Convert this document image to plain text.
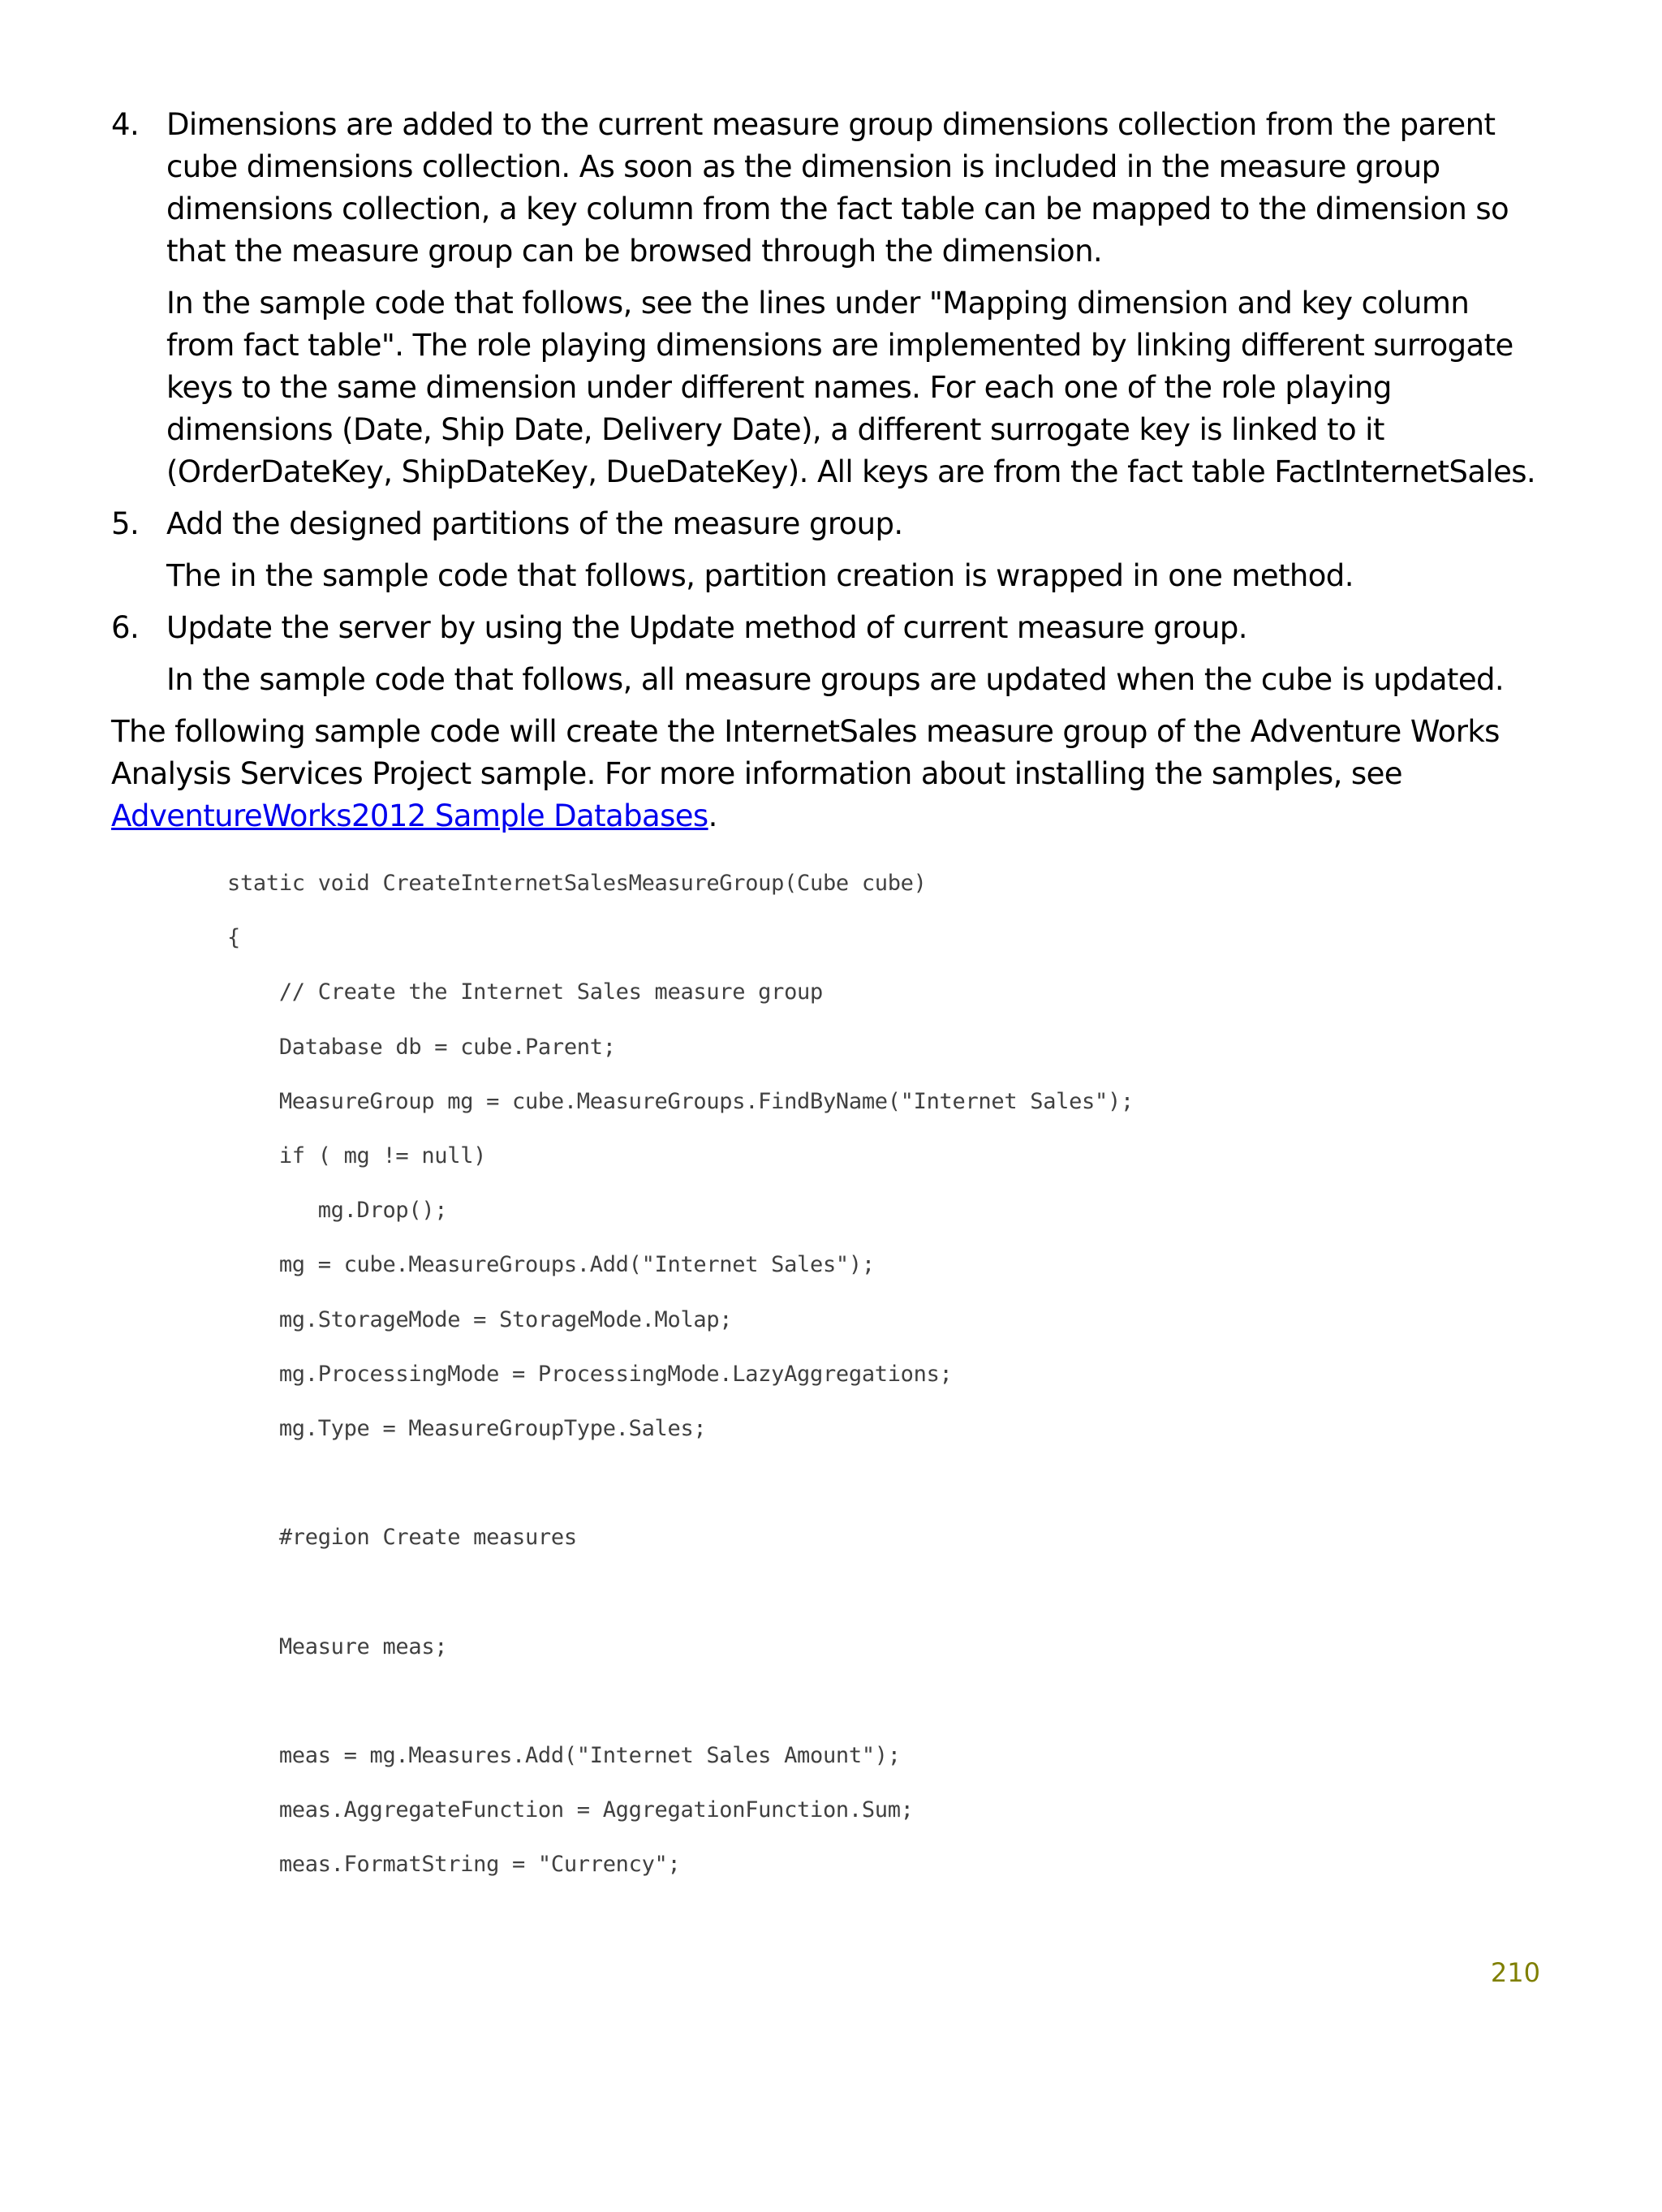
4. Dimensions are added to the current measure group dimensions collection from the parent cube dimensions collection. As soon as the dimension is included in the measure group dimensions collection, a key column from the fact table can be mapped to the dimension so that the measure group can be browsed through the dimension.

In the sample code that follows, see the lines under "Mapping dimension and key column from fact table". The role playing dimensions are implemented by linking different surrogate keys to the same dimension under different names. For each one of the role playing dimensions (Date, Ship Date, Delivery Date), a different surrogate key is linked to it (OrderDateKey, ShipDateKey, DueDateKey). All keys are from the fact table FactInternetSales.

5. Add the designed partitions of the measure group.

The in the sample code that follows, partition creation is wrapped in one method.

6. Update the server by using the Update method of current measure group.

In the sample code that follows, all measure groups are updated when the cube is updated.

The following sample code will create the InternetSales measure group of the Adventure Works Analysis Services Project sample. For more information about installing the samples, see AdventureWorks2012 Sample Databases.

static void CreateInternetSalesMeasureGroup(Cube cube)
{
// Create the Internet Sales measure group
Database db = cube.Parent;
MeasureGroup mg = cube.MeasureGroups.FindByName("Internet Sales");
if ( mg != null)
mg.Drop();
mg = cube.MeasureGroups.Add("Internet Sales");
mg.StorageMode = StorageMode.Molap;
mg.ProcessingMode = ProcessingMode.LazyAggregations;
mg.Type = MeasureGroupType.Sales;
#region Create measures
Measure meas;
meas = mg.Measures.Add("Internet Sales Amount");
meas.AggregateFunction = AggregationFunction.Sum;
meas.FormatString = "Currency";
210
